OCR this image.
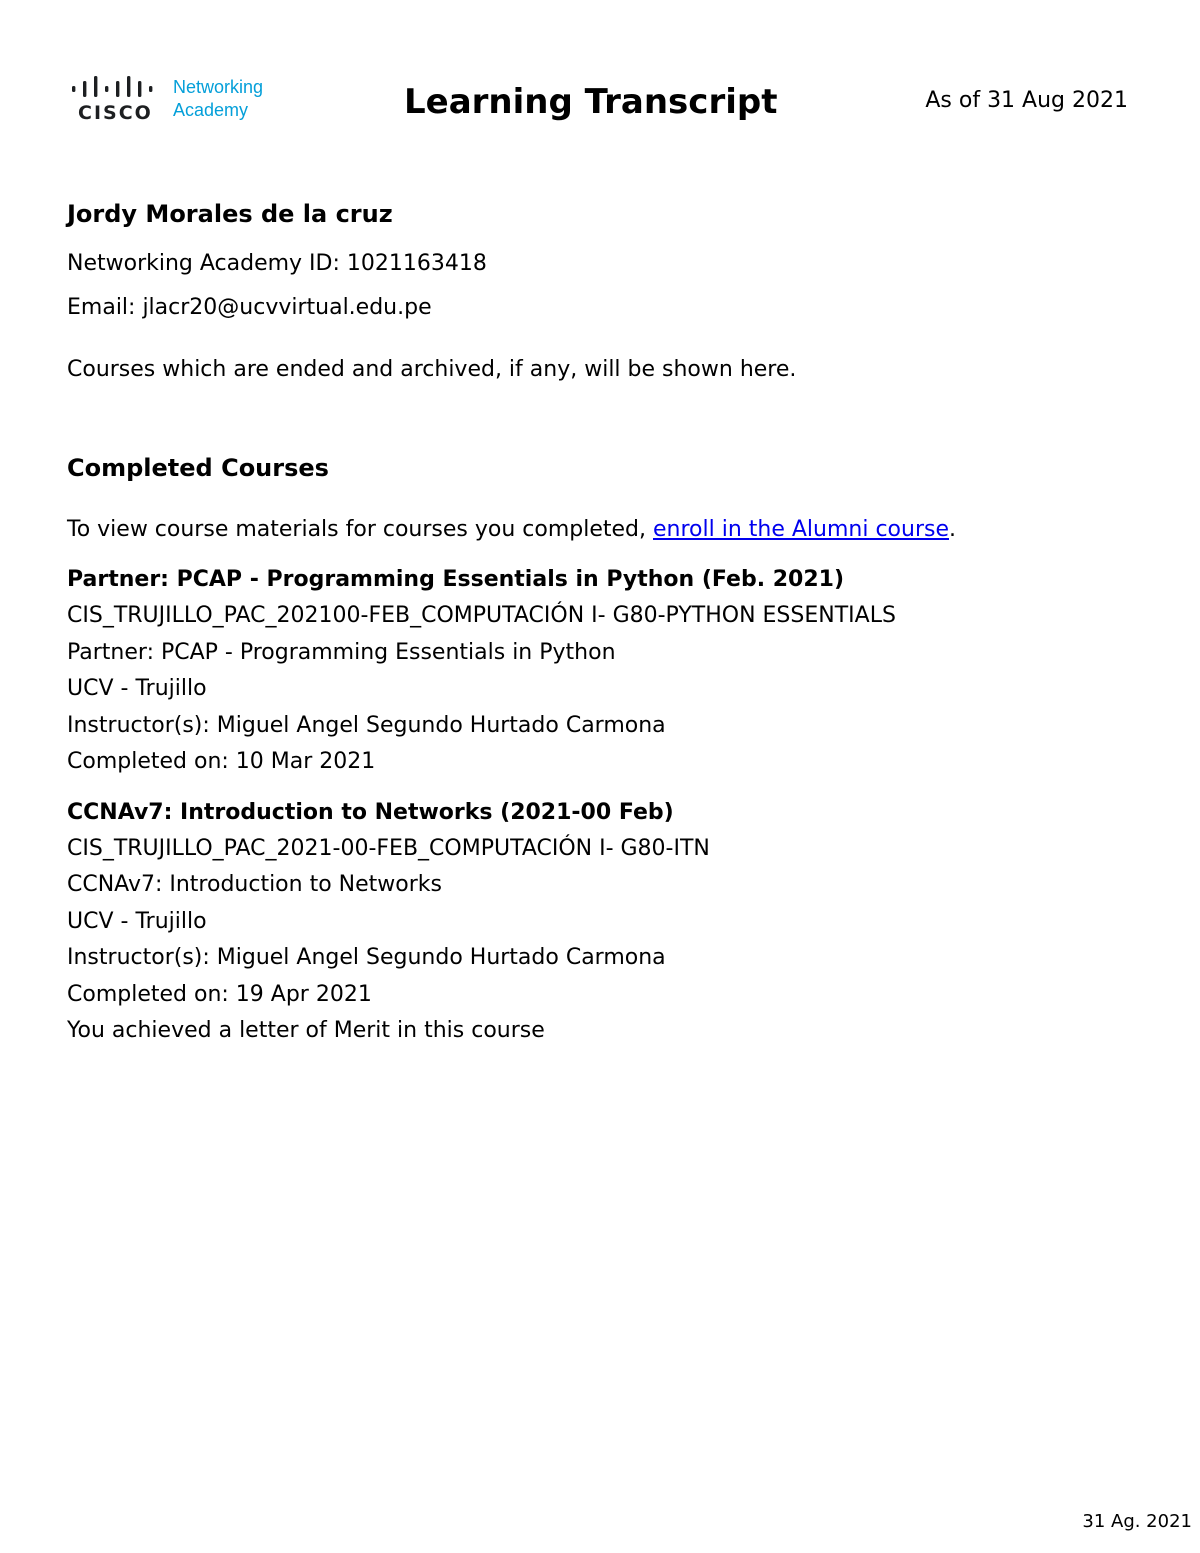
CISCO
Networking
Academy	Learning Transcript	As of 31 Aug 2021
Jordy Morales de la cruz
Networking Academy ID: 1021163418
Email: jlacr20@ucvvirtual.edu.pe
Courses which are ended and archived, if any, will be shown here.
Completed Courses
To view course materials for courses you completed, enroll in the Alumni course.
Partner: PCAP - Programming Essentials in Python (Feb. 2021)
CIS_TRUJILLO_PAC_202100-FEB_COMPUTACIÓN I- G80-PYTHON ESSENTIALS
Partner: PCAP - Programming Essentials in Python
UCV - Trujillo
Instructor(s): Miguel Angel Segundo Hurtado Carmona
Completed on: 10 Mar 2021
CCNAv7: Introduction to Networks (2021-00 Feb)
CIS_TRUJILLO_PAC_2021-00-FEB_COMPUTACIÓN I- G80-ITN
CCNAv7: Introduction to Networks
UCV - Trujillo
Instructor(s): Miguel Angel Segundo Hurtado Carmona
Completed on: 19 Apr 2021
You achieved a letter of Merit in this course
31 Ag. 2021
